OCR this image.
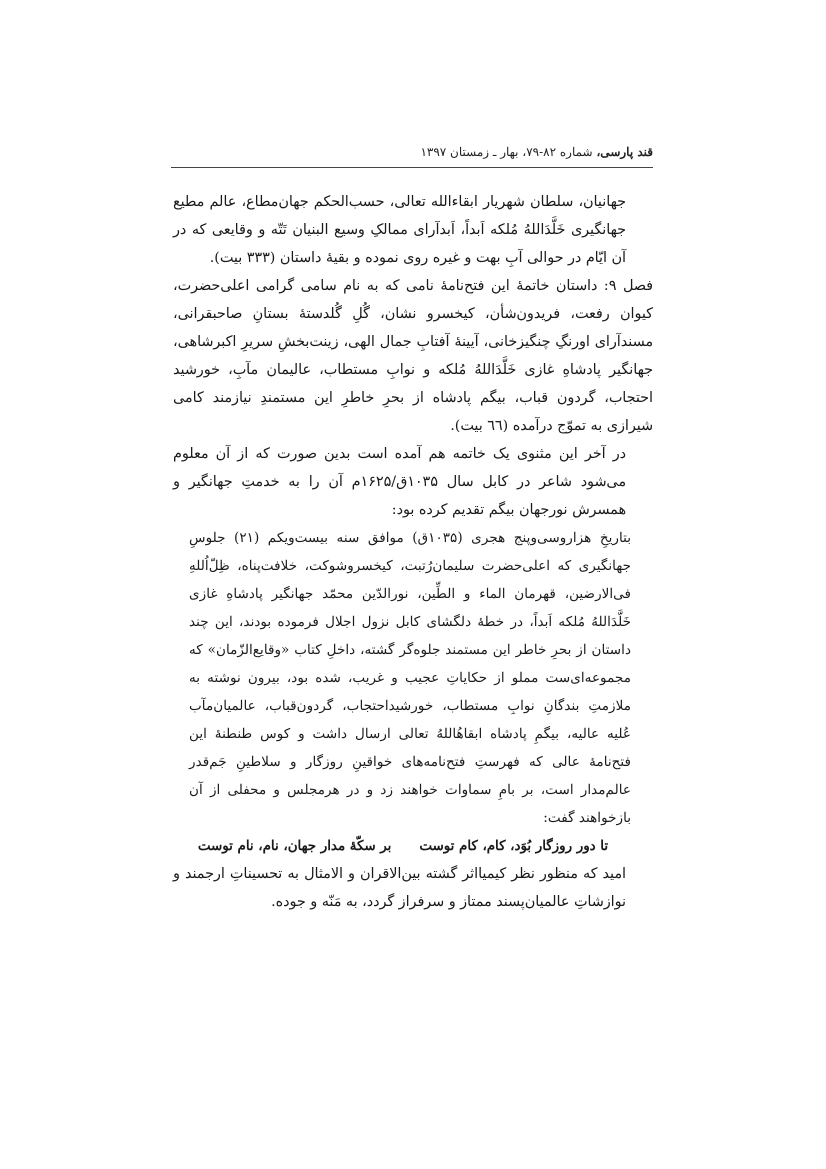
قند پارسی، شماره ۸۲-۷۹، بهار ـ زمستان ۱۳۹۷

جهانیان، سلطان شهریار ابقاءالله تعالی، حسب‌الحکم جهان‌مطاع، عالم مطیع جهانگیری خَلَّدَاللهُ مُلکه اَبداً، اَبدآرای ممالکِ وسیع البنیان تَتّه و وقایعی که در آن ایّام در حوالی آبِ بهت و غیره روی نموده و بقیهٔ داستان (۳۳۳ بیت).

فصل ۹: داستان خاتمهٔ این فتح‌نامهٔ نامی که به نام سامی گرامی اعلی‌حضرت، کیوان رفعت، فریدون‌شأن، کیخسرو نشان، گُلِ گُلدستهٔ بستانِ صاحبقرانی، مسندآرای اورنگِ چنگیزخانی، آیینهٔ آفتابِ جمال الهی، زینت‌بخشِ سریرِ اکبرشاهی، جهانگیر پادشاهِ غازی خَلَّدَاللهُ مُلکه و نوابِ مستطاب، عالیمان مآبِ، خورشید احتجاب، گردون قباب، بیگم پادشاه از بحرِ خاطرِ این مستمندِ نیازمند کامی شیرازی به تموّج درآمده (٦٦ بیت).

در آخر این مثنوی یک خاتمه هم آمده است بدین صورت که از آن معلوم می‌شود شاعر در کابل سال ۱۰۳۵ق/۱۶۲۵م آن را به خدمتِ جهانگیر و همسرش نورجهان بیگم تقدیم کرده بود:

بتاریخِ هزاروسی‌وپنج هجری (۱۰۳۵ق) موافق سنه بیست‌ویکم (۲۱) جلوسِ جهانگیری که اعلی‌حضرت سلیمان‌رُتبت، کیخسروشوکت، خلافت‌پناه، ظِلّ‌اُللهِ فی‌الارضین، قهرمان الماء و الطِّین، نورالدّین محمّد جهانگیر پادشاهِ غازی خَلَّدَاللهُ مُلکه اَبداً، در خطهٔ دلگشای کابل نزول اجلال فرموده بودند، این چند داستان از بحرِ خاطر این مستمند جلوه‌گر گشته، داخلِ کتاب «وقایع‌الزّمان» که مجموعه‌ای‌ست مملو از حکایاتِ عجیب و غریب، شده بود، بیرون نوشته به ملازمتِ بندگانِ نوابِ مستطاب، خورشیداحتجاب، گردون‌قباب، عالمیان‌مآب عُلیه عالیه، بیگمِ پادشاه ابقاهُاللهُ تعالی ارسال داشت و کوس طنطنهٔ این فتح‌نامهٔ عالی که فهرستِ فتح‌نامه‌های خواقینِ روزگار و سلاطینِ جَم‌قدر عالم‌مدار است، بر بامِ سماوات خواهند زد و در هرمجلس و محفلی از آن بازخواهند گفت:

تا دور روزگار بُوَد، کام، کام توستبر سکّهٔ مدار جهان، نام، نام توست

امید که منظور نظر کیمیااثر گشته بین‌الاقران و الامثال به تحسیناتِ ارجمند و نوازشاتِ عالمیان‌پسند ممتاز و سرفراز گردد، به مَنّه و جوده.
